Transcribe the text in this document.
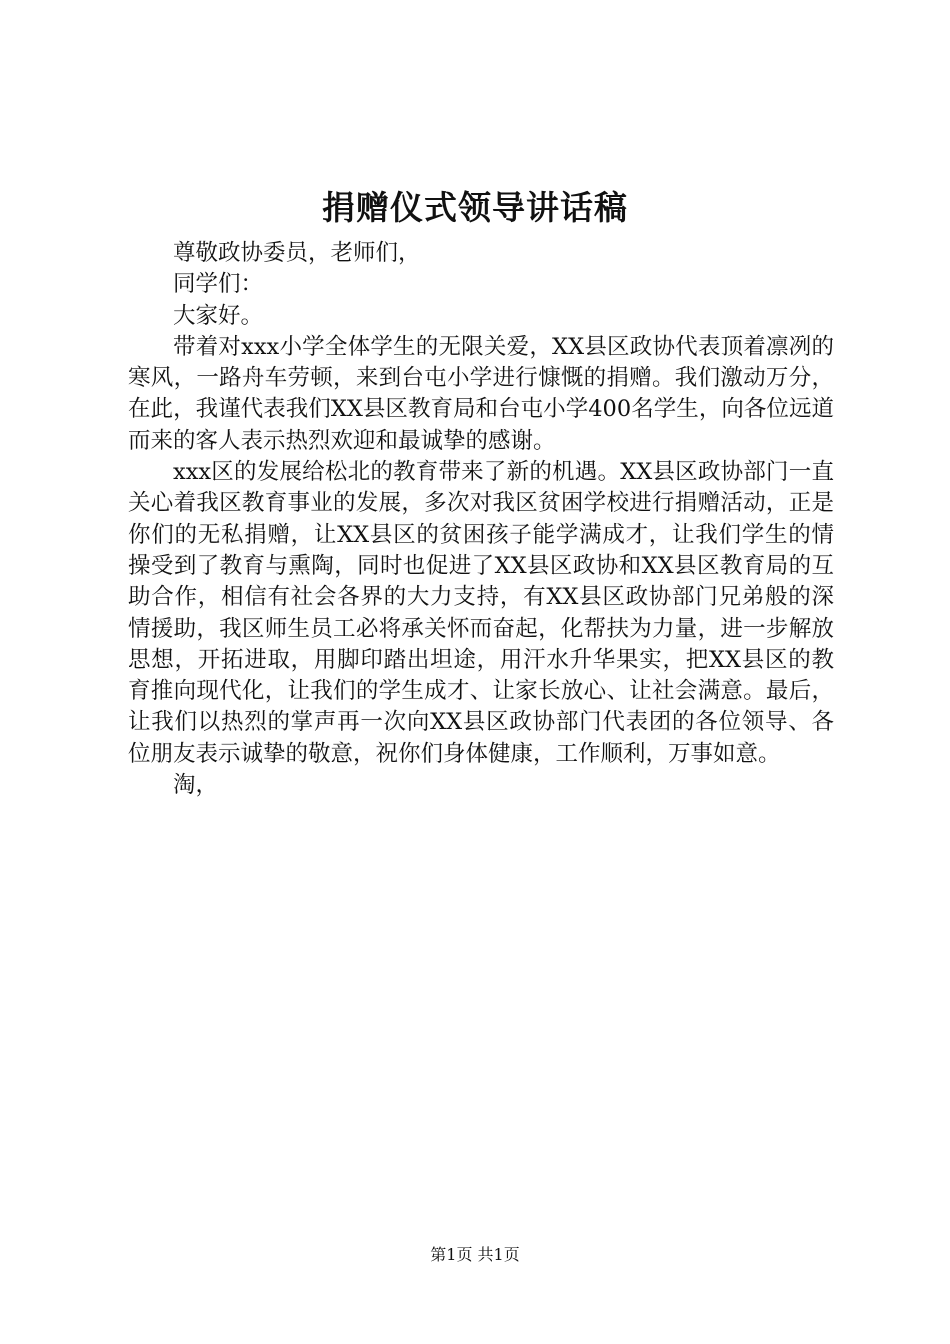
捐赠仪式领导讲话稿

尊敬政协委员，老师们，

同学们：

大家好。

带着对xxx小学全体学生的无限关爱，XX县区政协代表顶着凛冽的寒风，一路舟车劳顿，来到台屯小学进行慷慨的捐赠。我们激动万分，在此，我谨代表我们XX县区教育局和台屯小学400名学生，向各位远道而来的客人表示热烈欢迎和最诚挚的感谢。

xxx区的发展给松北的教育带来了新的机遇。XX县区政协部门一直关心着我区教育事业的发展，多次对我区贫困学校进行捐赠活动，正是你们的无私捐赠，让XX县区的贫困孩子能学满成才，让我们学生的情操受到了教育与熏陶，同时也促进了XX县区政协和XX县区教育局的互助合作，相信有社会各界的大力支持，有XX县区政协部门兄弟般的深情援助，我区师生员工必将承关怀而奋起，化帮扶为力量，进一步解放思想，开拓进取，用脚印踏出坦途，用汗水升华果实，把XX县区的教育推向现代化，让我们的学生成才、让家长放心、让社会满意。最后，让我们以热烈的掌声再一次向XX县区政协部门代表团的各位领导、各位朋友表示诚挚的敬意，祝你们身体健康，工作顺利，万事如意。

淘，

第1页 共1页
